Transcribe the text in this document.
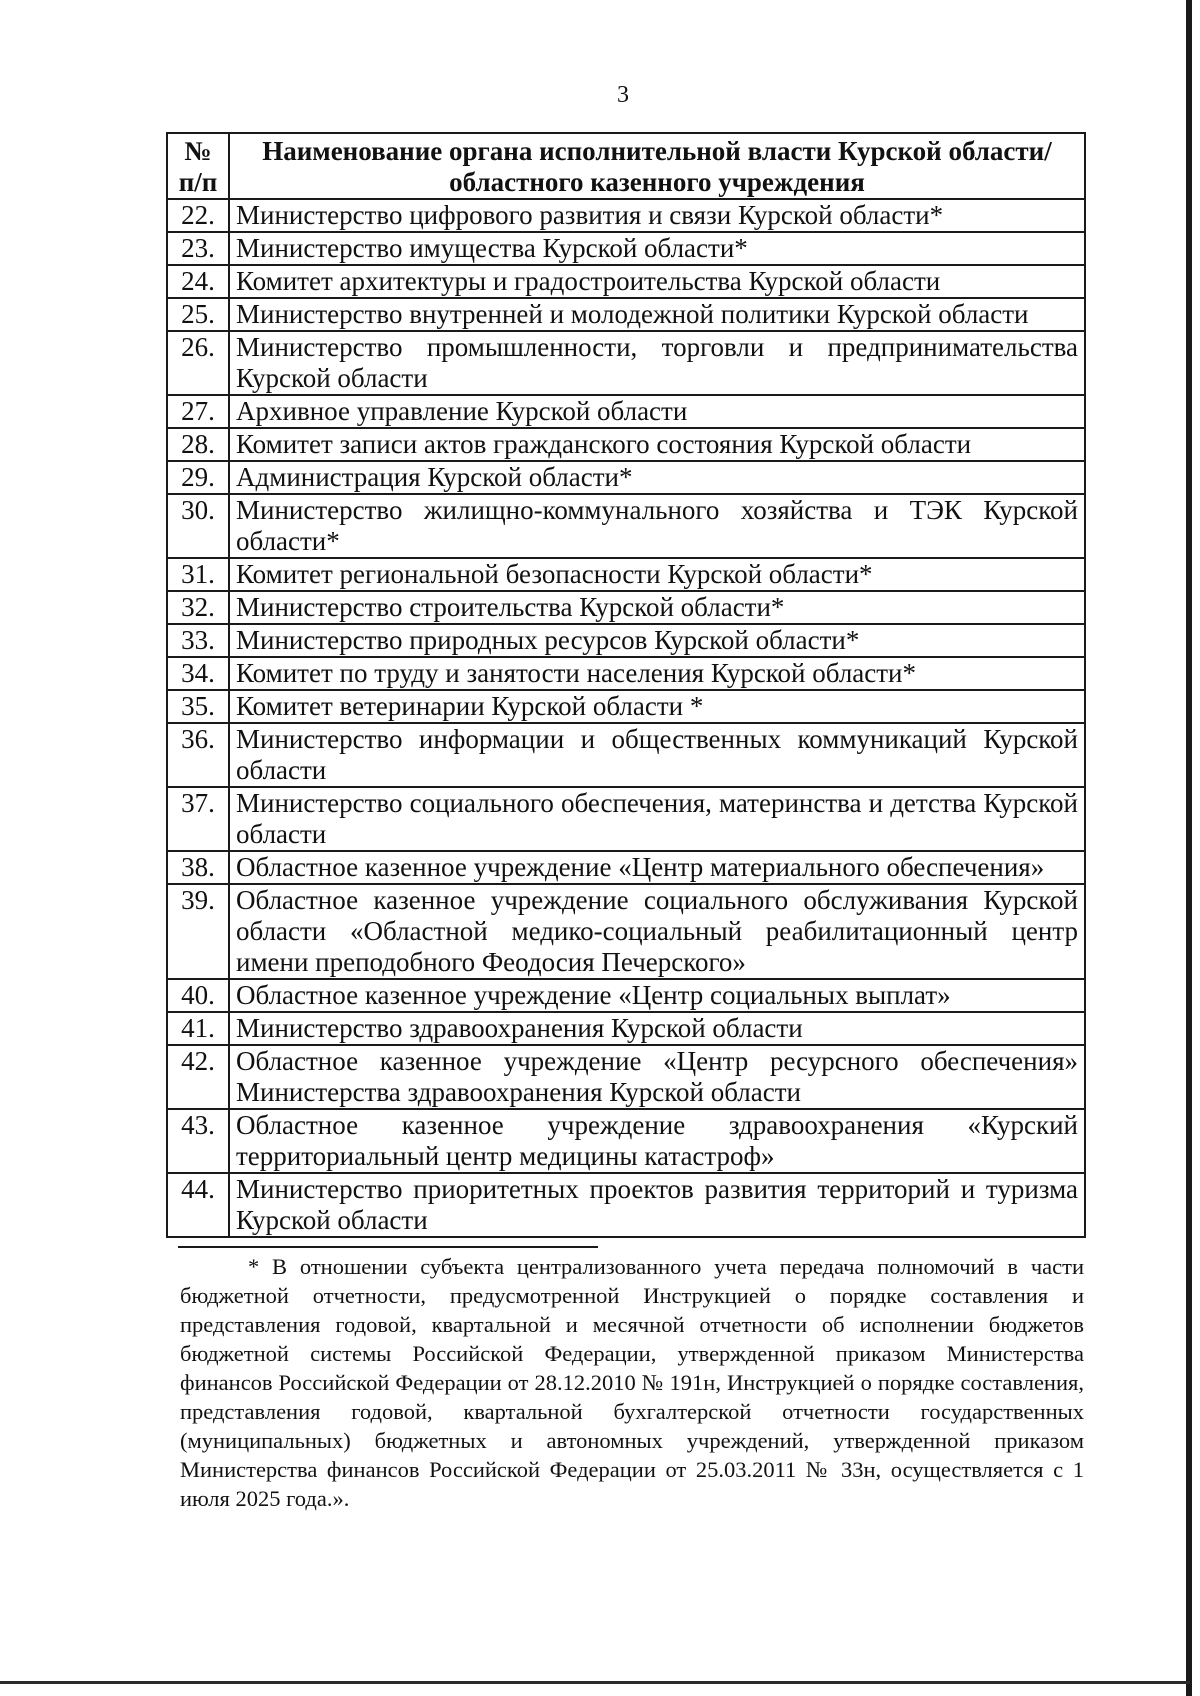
3
№ п/п	Наименование органа исполнительной власти Курской области/ областного казенного учреждения
22.	Министерство цифрового развития и связи Курской области*
23.	Министерство имущества Курской области*
24.	Комитет архитектуры и градостроительства Курской области
25.	Министерство внутренней и молодежной политики Курской области
26.	Министерство промышленности, торговли и предпринимательства Курской области
27.	Архивное управление Курской области
28.	Комитет записи актов гражданского состояния Курской области
29.	Администрация Курской области*
30.	Министерство жилищно-коммунального хозяйства и ТЭК Курской области*
31.	Комитет региональной безопасности Курской области*
32.	Министерство строительства Курской области*
33.	Министерство природных ресурсов Курской области*
34.	Комитет по труду и занятости населения Курской области*
35.	Комитет ветеринарии Курской области *
36.	Министерство информации и общественных коммуникаций Курской области
37.	Министерство социального обеспечения, материнства и детства Курской области
38.	Областное казенное учреждение «Центр материального обеспечения»
39.	Областное казенное учреждение социального обслуживания Курской области «Областной медико-социальный реабилитационный центр имени преподобного Феодосия Печерского»
40.	Областное казенное учреждение «Центр социальных выплат»
41.	Министерство здравоохранения Курской области
42.	Областное казенное учреждение «Центр ресурсного обеспечения» Министерства здравоохранения Курской области
43.	Областное казенное учреждение здравоохранения «Курский территориальный центр медицины катастроф»
44.	Министерство приоритетных проектов развития территорий и туризма Курской области
* В отношении субъекта централизованного учета передача полномочий в части бюджетной отчетности, предусмотренной Инструкцией о порядке составления и представления годовой, квартальной и месячной отчетности об исполнении бюджетов бюджетной системы Российской Федерации, утвержденной приказом Министерства финансов Российской Федерации от 28.12.2010 № 191н, Инструкцией о порядке составления, представления годовой, квартальной бухгалтерской отчетности государственных (муниципальных) бюджетных и автономных учреждений, утвержденной приказом Министерства финансов Российской Федерации от 25.03.2011 № 33н, осуществляется с 1 июля 2025 года.».
